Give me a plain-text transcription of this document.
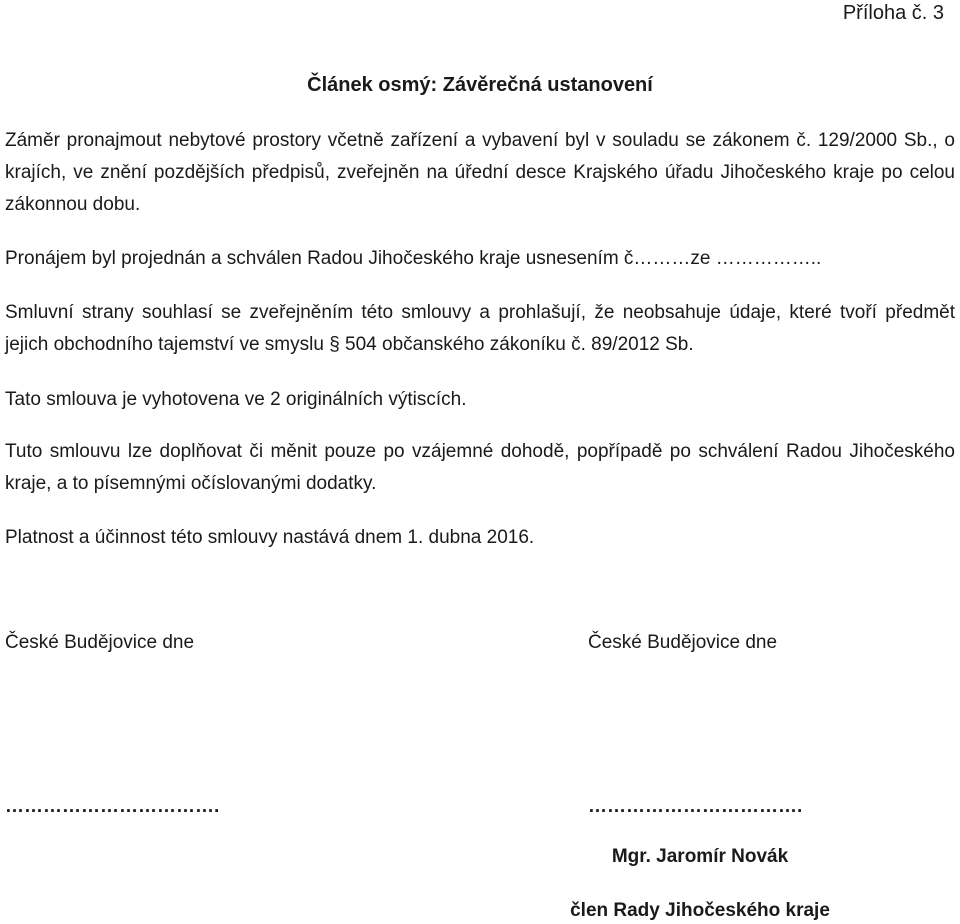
Příloha č. 3
Článek osmý: Závěrečná ustanovení

Záměr pronajmout nebytové prostory včetně zařízení a vybavení byl v souladu se zákonem č. 129/2000 Sb., o krajích, ve znění pozdějších předpisů, zveřejněn na úřední desce Krajského úřadu Jihočeského kraje po celou zákonnou dobu.

Pronájem byl projednán a schválen Radou Jihočeského kraje usnesením č………ze ……………..

Smluvní strany souhlasí se zveřejněním této smlouvy a prohlašují, že neobsahuje údaje, které tvoří předmět jejich obchodního tajemství ve smyslu § 504 občanského zákoníku č. 89/2012 Sb.

Tato smlouva je vyhotovena ve 2 originálních výtiscích.

Tuto smlouvu lze doplňovat či měnit pouze po vzájemné dohodě, popřípadě po schválení Radou Jihočeského kraje, a to písemnými očíslovanými dodatky.

Platnost a účinnost této smlouvy nastává dnem 1. dubna 2016.

České Budějovice dne	České Budějovice dne
…………………………….	…………………………….
Mgr. Jaromír Novák
člen Rady Jihočeského kraje
